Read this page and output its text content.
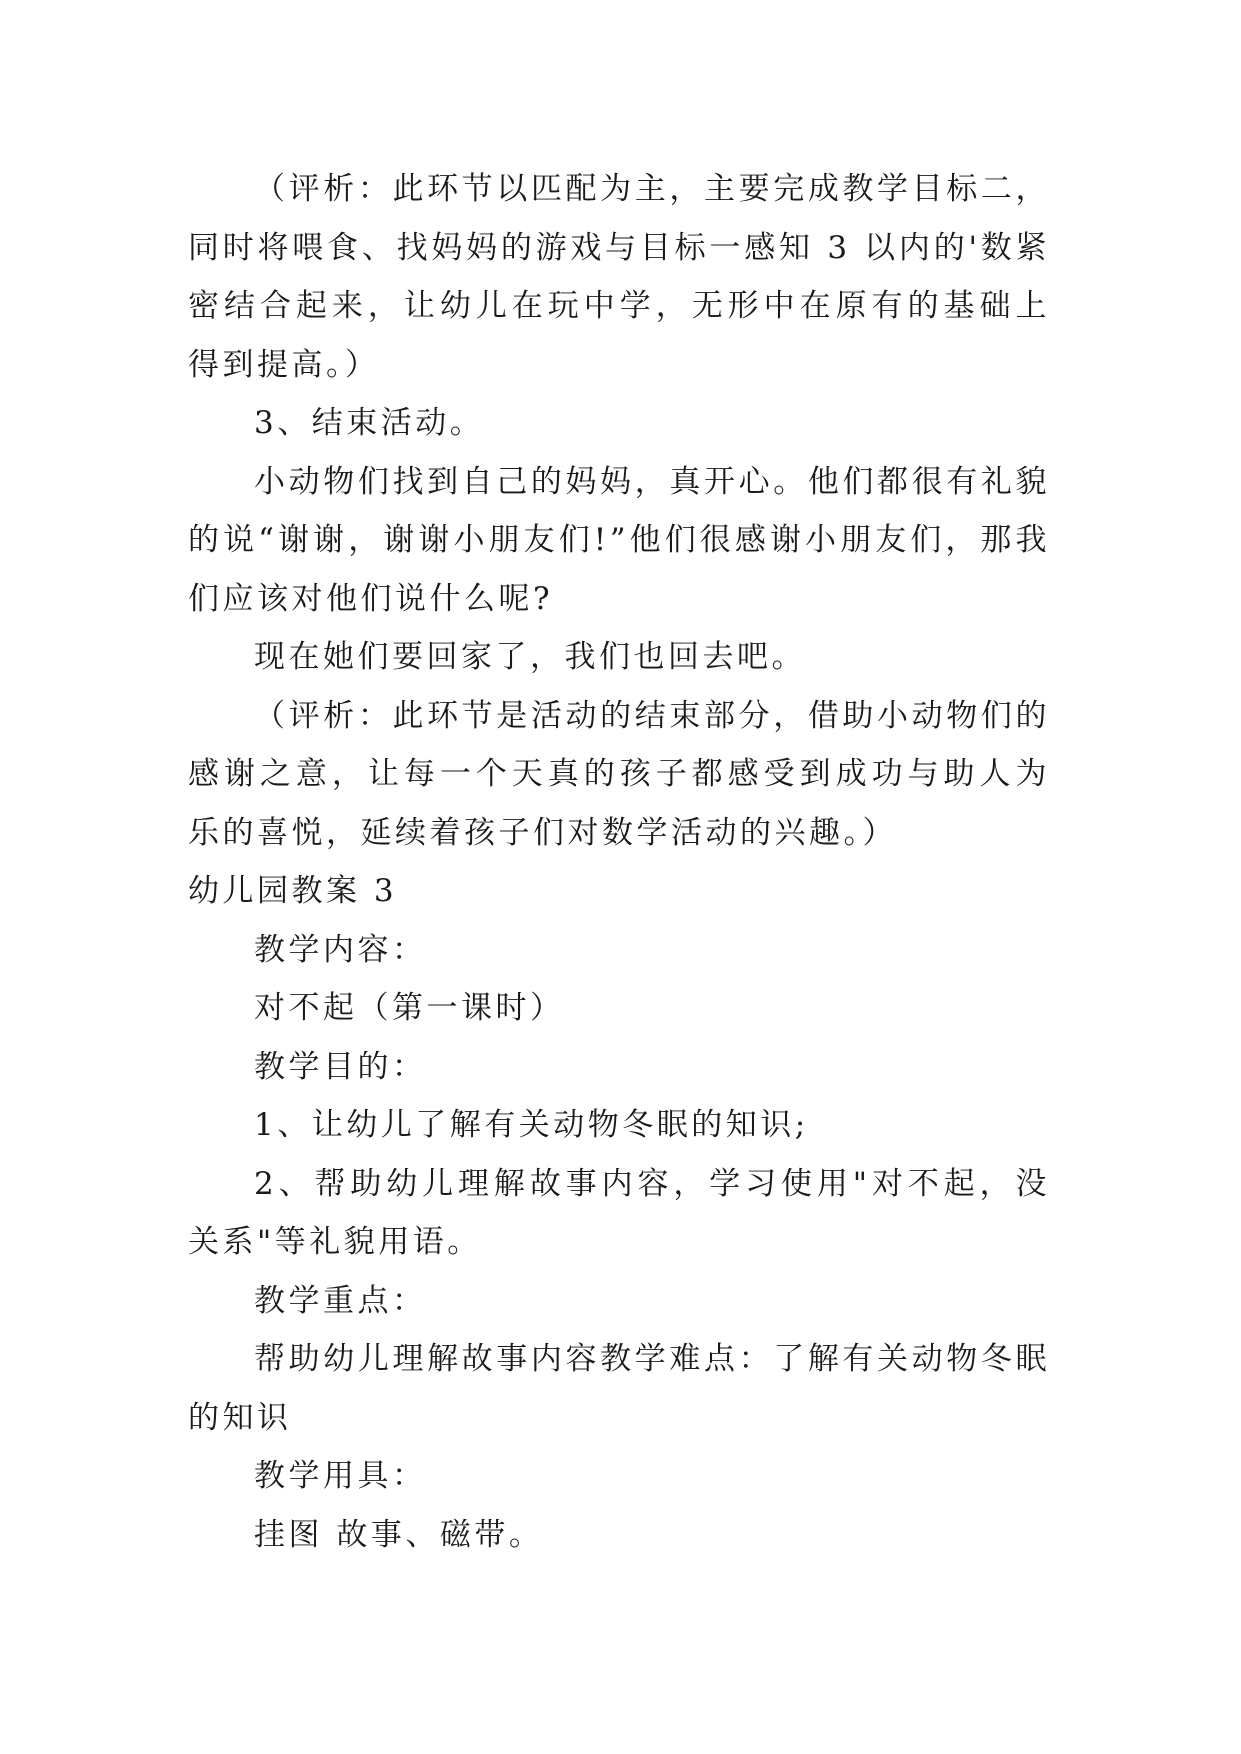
（评析：此环节以匹配为主，主要完成教学目标二，同时将喂食、找妈妈的游戏与目标一感知 3 以内的'数紧密结合起来，让幼儿在玩中学，无形中在原有的基础上得到提高。）

3、结束活动。

小动物们找到自己的妈妈，真开心。他们都很有礼貌的说“谢谢，谢谢小朋友们!”他们很感谢小朋友们，那我们应该对他们说什么呢?

现在她们要回家了，我们也回去吧。

（评析：此环节是活动的结束部分，借助小动物们的感谢之意，让每一个天真的孩子都感受到成功与助人为乐的喜悦，延续着孩子们对数学活动的兴趣。）

幼儿园教案 3

教学内容：

对不起（第一课时）

教学目的：

1、让幼儿了解有关动物冬眠的知识;

2、帮助幼儿理解故事内容，学习使用"对不起，没关系"等礼貌用语。

教学重点：

帮助幼儿理解故事内容教学难点：了解有关动物冬眠的知识

教学用具：

挂图 故事、磁带。
